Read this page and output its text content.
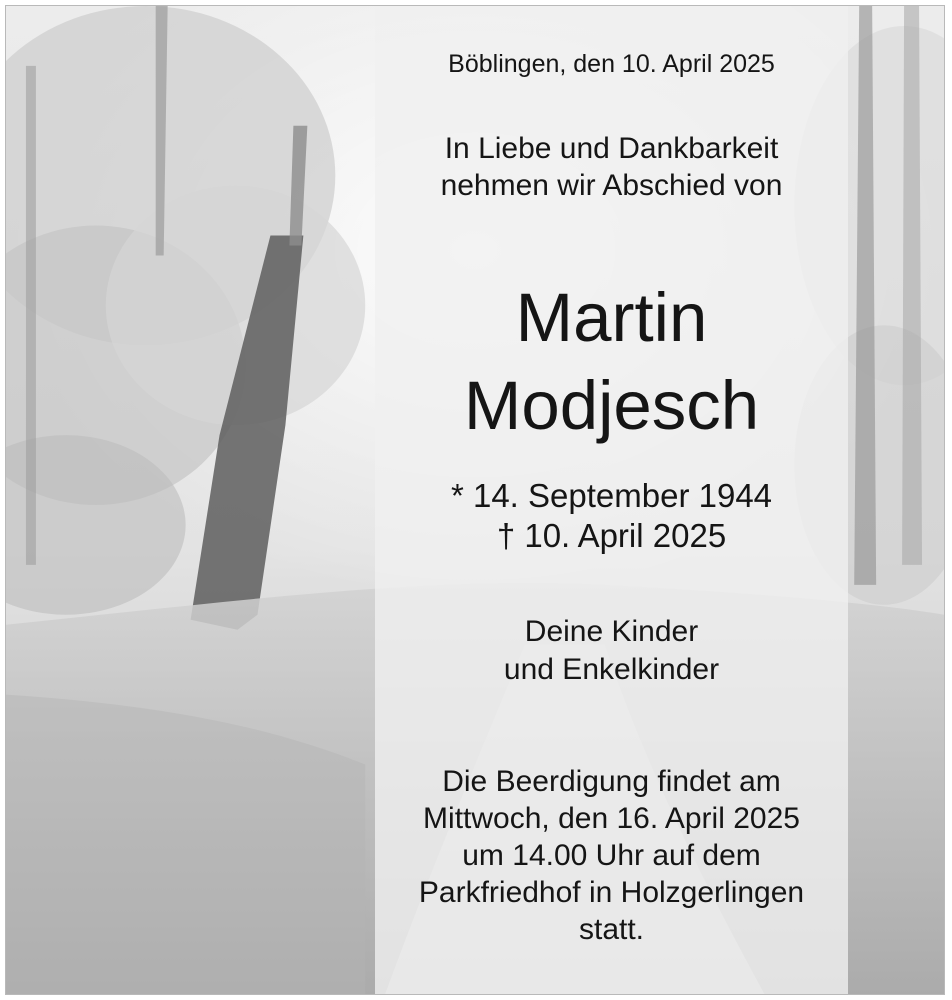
Böblingen, den 10. April 2025
In Liebe und Dankbarkeit
nehmen wir Abschied von
Martin
Modjesch
* 14. September 1944
† 10. April 2025
Deine Kinder
und Enkelkinder
Die Beerdigung findet am
Mittwoch, den 16. April 2025
um 14.00 Uhr auf dem
Parkfriedhof in Holzgerlingen
statt.
